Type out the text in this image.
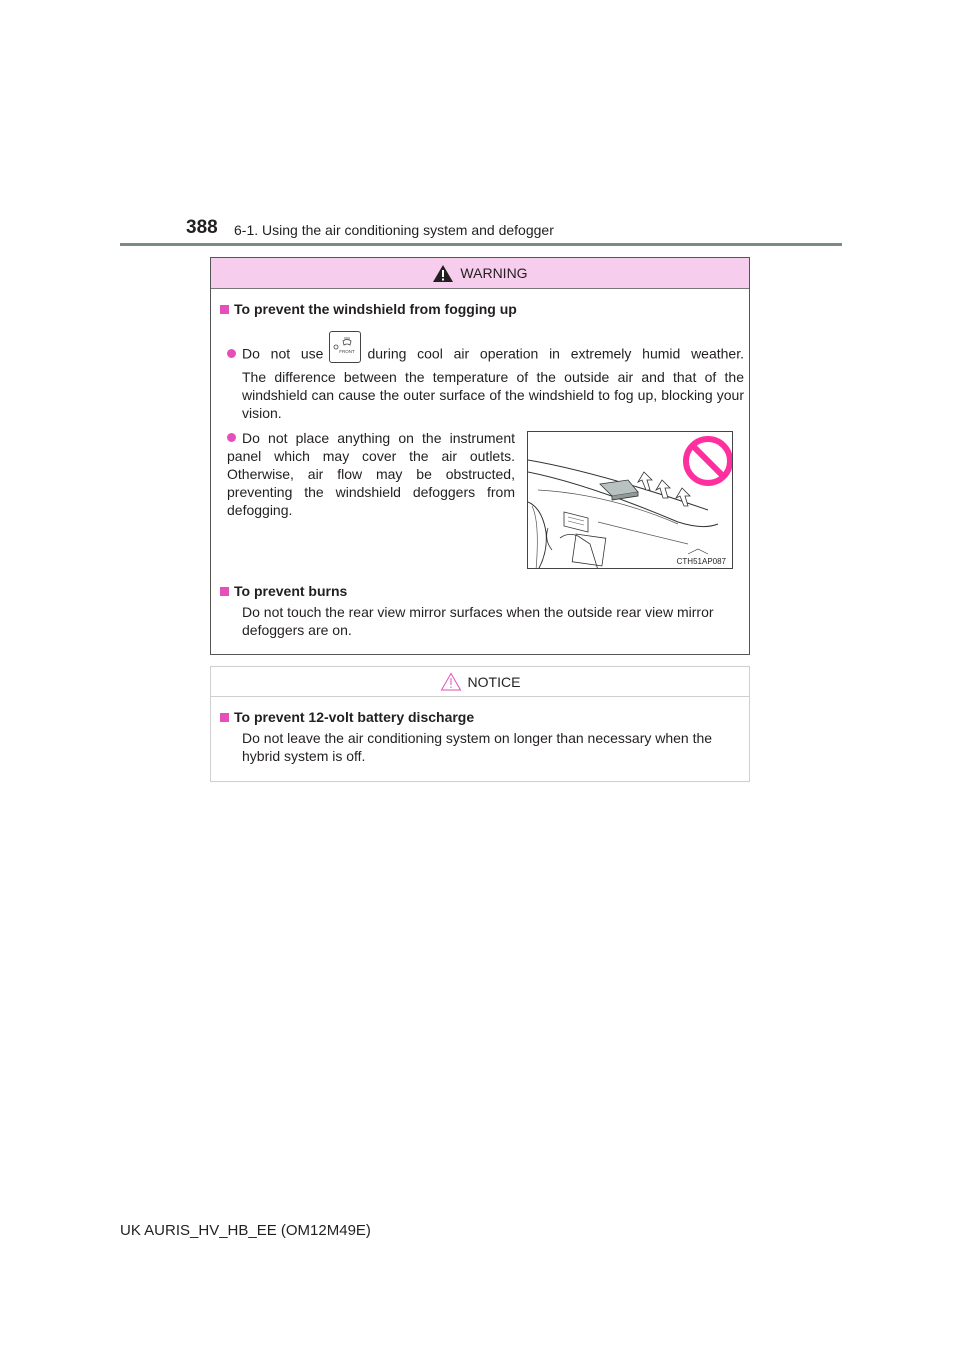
388 6-1. Using the air conditioning system and defogger
WARNING
To prevent the windshield from fogging up
Do not use	FRONT during cool air operation in extremely humid weather.
The difference between the temperature of the outside air and that of the windshield can cause the outer surface of the windshield to fog up, blocking your vision.
Do not place anything on the instrument panel which may cover the air outlets. Otherwise, air flow may be obstructed, preventing the windshield defoggers from defogging.
To prevent burns
Do not touch the rear view mirror surfaces when the outside rear view mirror defoggers are on.
CTH51AP087
NOTICE
To prevent 12-volt battery discharge
Do not leave the air conditioning system on longer than necessary when the hybrid system is off.
UK AURIS_HV_HB_EE (OM12M49E)
